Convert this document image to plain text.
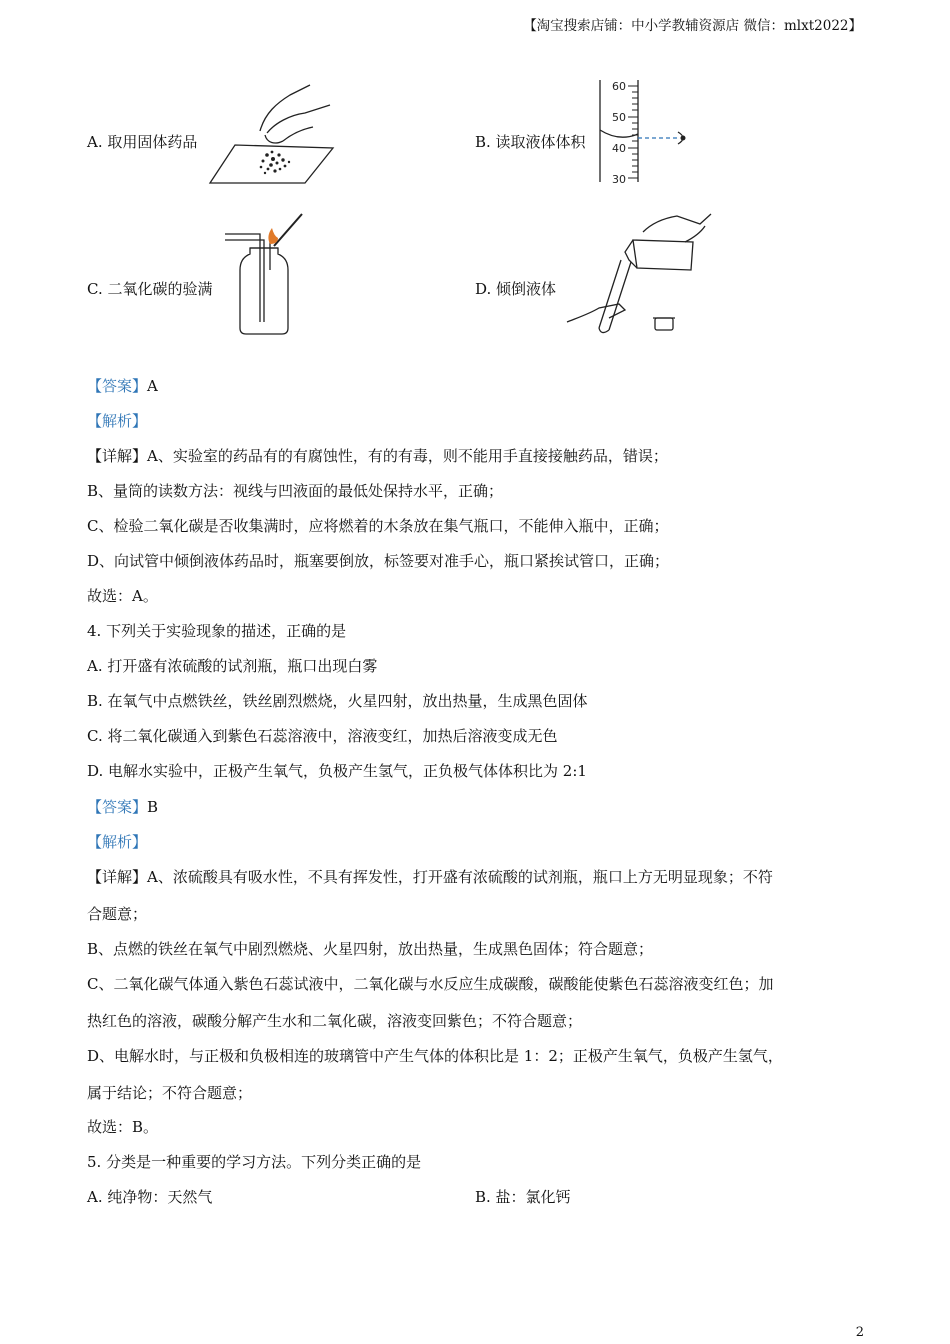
【淘宝搜索店铺：中小学教辅资源店 微信：mlxt2022】
A. 取用固体药品	B. 读取液体体积
60
50
40
30
C. 二氧化碳的验满	D. 倾倒液体
【答案】A
【解析】
【详解】A、实验室的药品有的有腐蚀性，有的有毒，则不能用手直接接触药品，错误；
B、量筒的读数方法：视线与凹液面的最低处保持水平，正确；
C、检验二氧化碳是否收集满时，应将燃着的木条放在集气瓶口，不能伸入瓶中，正确；
D、向试管中倾倒液体药品时，瓶塞要倒放，标签要对准手心，瓶口紧挨试管口，正确；
故选：A。
4. 下列关于实验现象的描述，正确的是
A. 打开盛有浓硫酸的试剂瓶，瓶口出现白雾
B. 在氧气中点燃铁丝，铁丝剧烈燃烧，火星四射，放出热量，生成黑色固体
C. 将二氧化碳通入到紫色石蕊溶液中，溶液变红，加热后溶液变成无色
D. 电解水实验中，正极产生氧气，负极产生氢气，正负极气体体积比为 2:1
【答案】B
【解析】
【详解】A、浓硫酸具有吸水性，不具有挥发性，打开盛有浓硫酸的试剂瓶，瓶口上方无明显现象；不符
合题意；
B、点燃的铁丝在氧气中剧烈燃烧、火星四射，放出热量，生成黑色固体；符合题意；
C、二氧化碳气体通入紫色石蕊试液中，二氧化碳与水反应生成碳酸，碳酸能使紫色石蕊溶液变红色；加
热红色的溶液，碳酸分解产生水和二氧化碳，溶液变回紫色；不符合题意；
D、电解水时，与正极和负极相连的玻璃管中产生气体的体积比是 1：2；正极产生氧气，负极产生氢气，
属于结论；不符合题意；
故选：B。
5. 分类是一种重要的学习方法。下列分类正确的是
A. 纯净物：天然气	B. 盐：氯化钙
2
